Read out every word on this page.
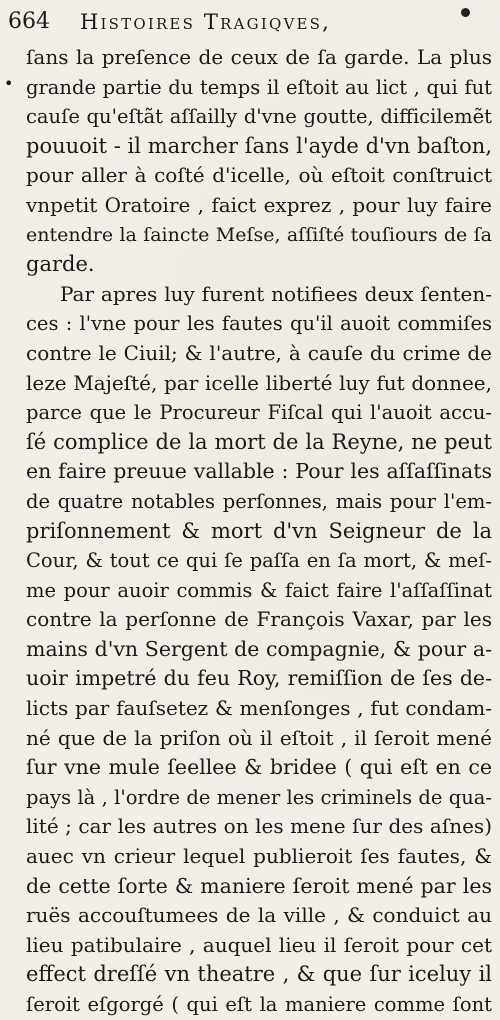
664 Histoires Tragiqves,
•
ſans la preſence de ceux de ſa garde. La plus
grande partie du temps il eſtoit au lict , qui fut
cauſe qu'eſtãt aſſailly d'vne goutte, difficilemẽt
pouuoit - il marcher ſans l'ayde d'vn baſton,
pour aller à coſté d'icelle, où eſtoit conſtruict
vnpetit Oratoire , faict exprez , pour luy faire
entendre la ſaincte Meſse, aſſiſté touſiours de ſa
garde.
Par apres luy furent notifiees deux ſenten-
ces : l'vne pour les fautes qu'il auoit commiſes
contre le Ciuil; & l'autre, à cauſe du crime de
leze Majeſté, par icelle liberté luy fut donnee,
parce que le Procureur Fiſcal qui l'auoit accu-
ſé complice de la mort de la Reyne, ne peut
en faire preuue vallable : Pour les aſſaſſinats
de quatre notables perſonnes, mais pour l'em-
priſonnement & mort d'vn Seigneur de la
Cour, & tout ce qui ſe paſſa en ſa mort, & meſ-
me pour auoir commis & faict faire l'aſſaſſinat
contre la perſonne de François Vaxar, par les
mains d'vn Sergent de compagnie, & pour a-
uoir impetré du feu Roy, remiſſion de ſes de-
licts par fauſsetez & menſonges , fut condam-
né que de la priſon où il eſtoit , il ſeroit mené
ſur vne mule ſeellee & bridee ( qui eſt en ce
pays là , l'ordre de mener les criminels de qua-
lité ; car les autres on les mene ſur des aſnes)
auec vn crieur lequel publieroit ſes fautes, &
de cette ſorte & maniere ſeroit mené par les
ruës accouſtumees de la ville , & conduict au
lieu patibulaire , auquel lieu il ſeroit pour cet
effect dreſſé vn theatre , & que ſur iceluy il
ſeroit eſgorgé ( qui eſt la maniere comme ſont
